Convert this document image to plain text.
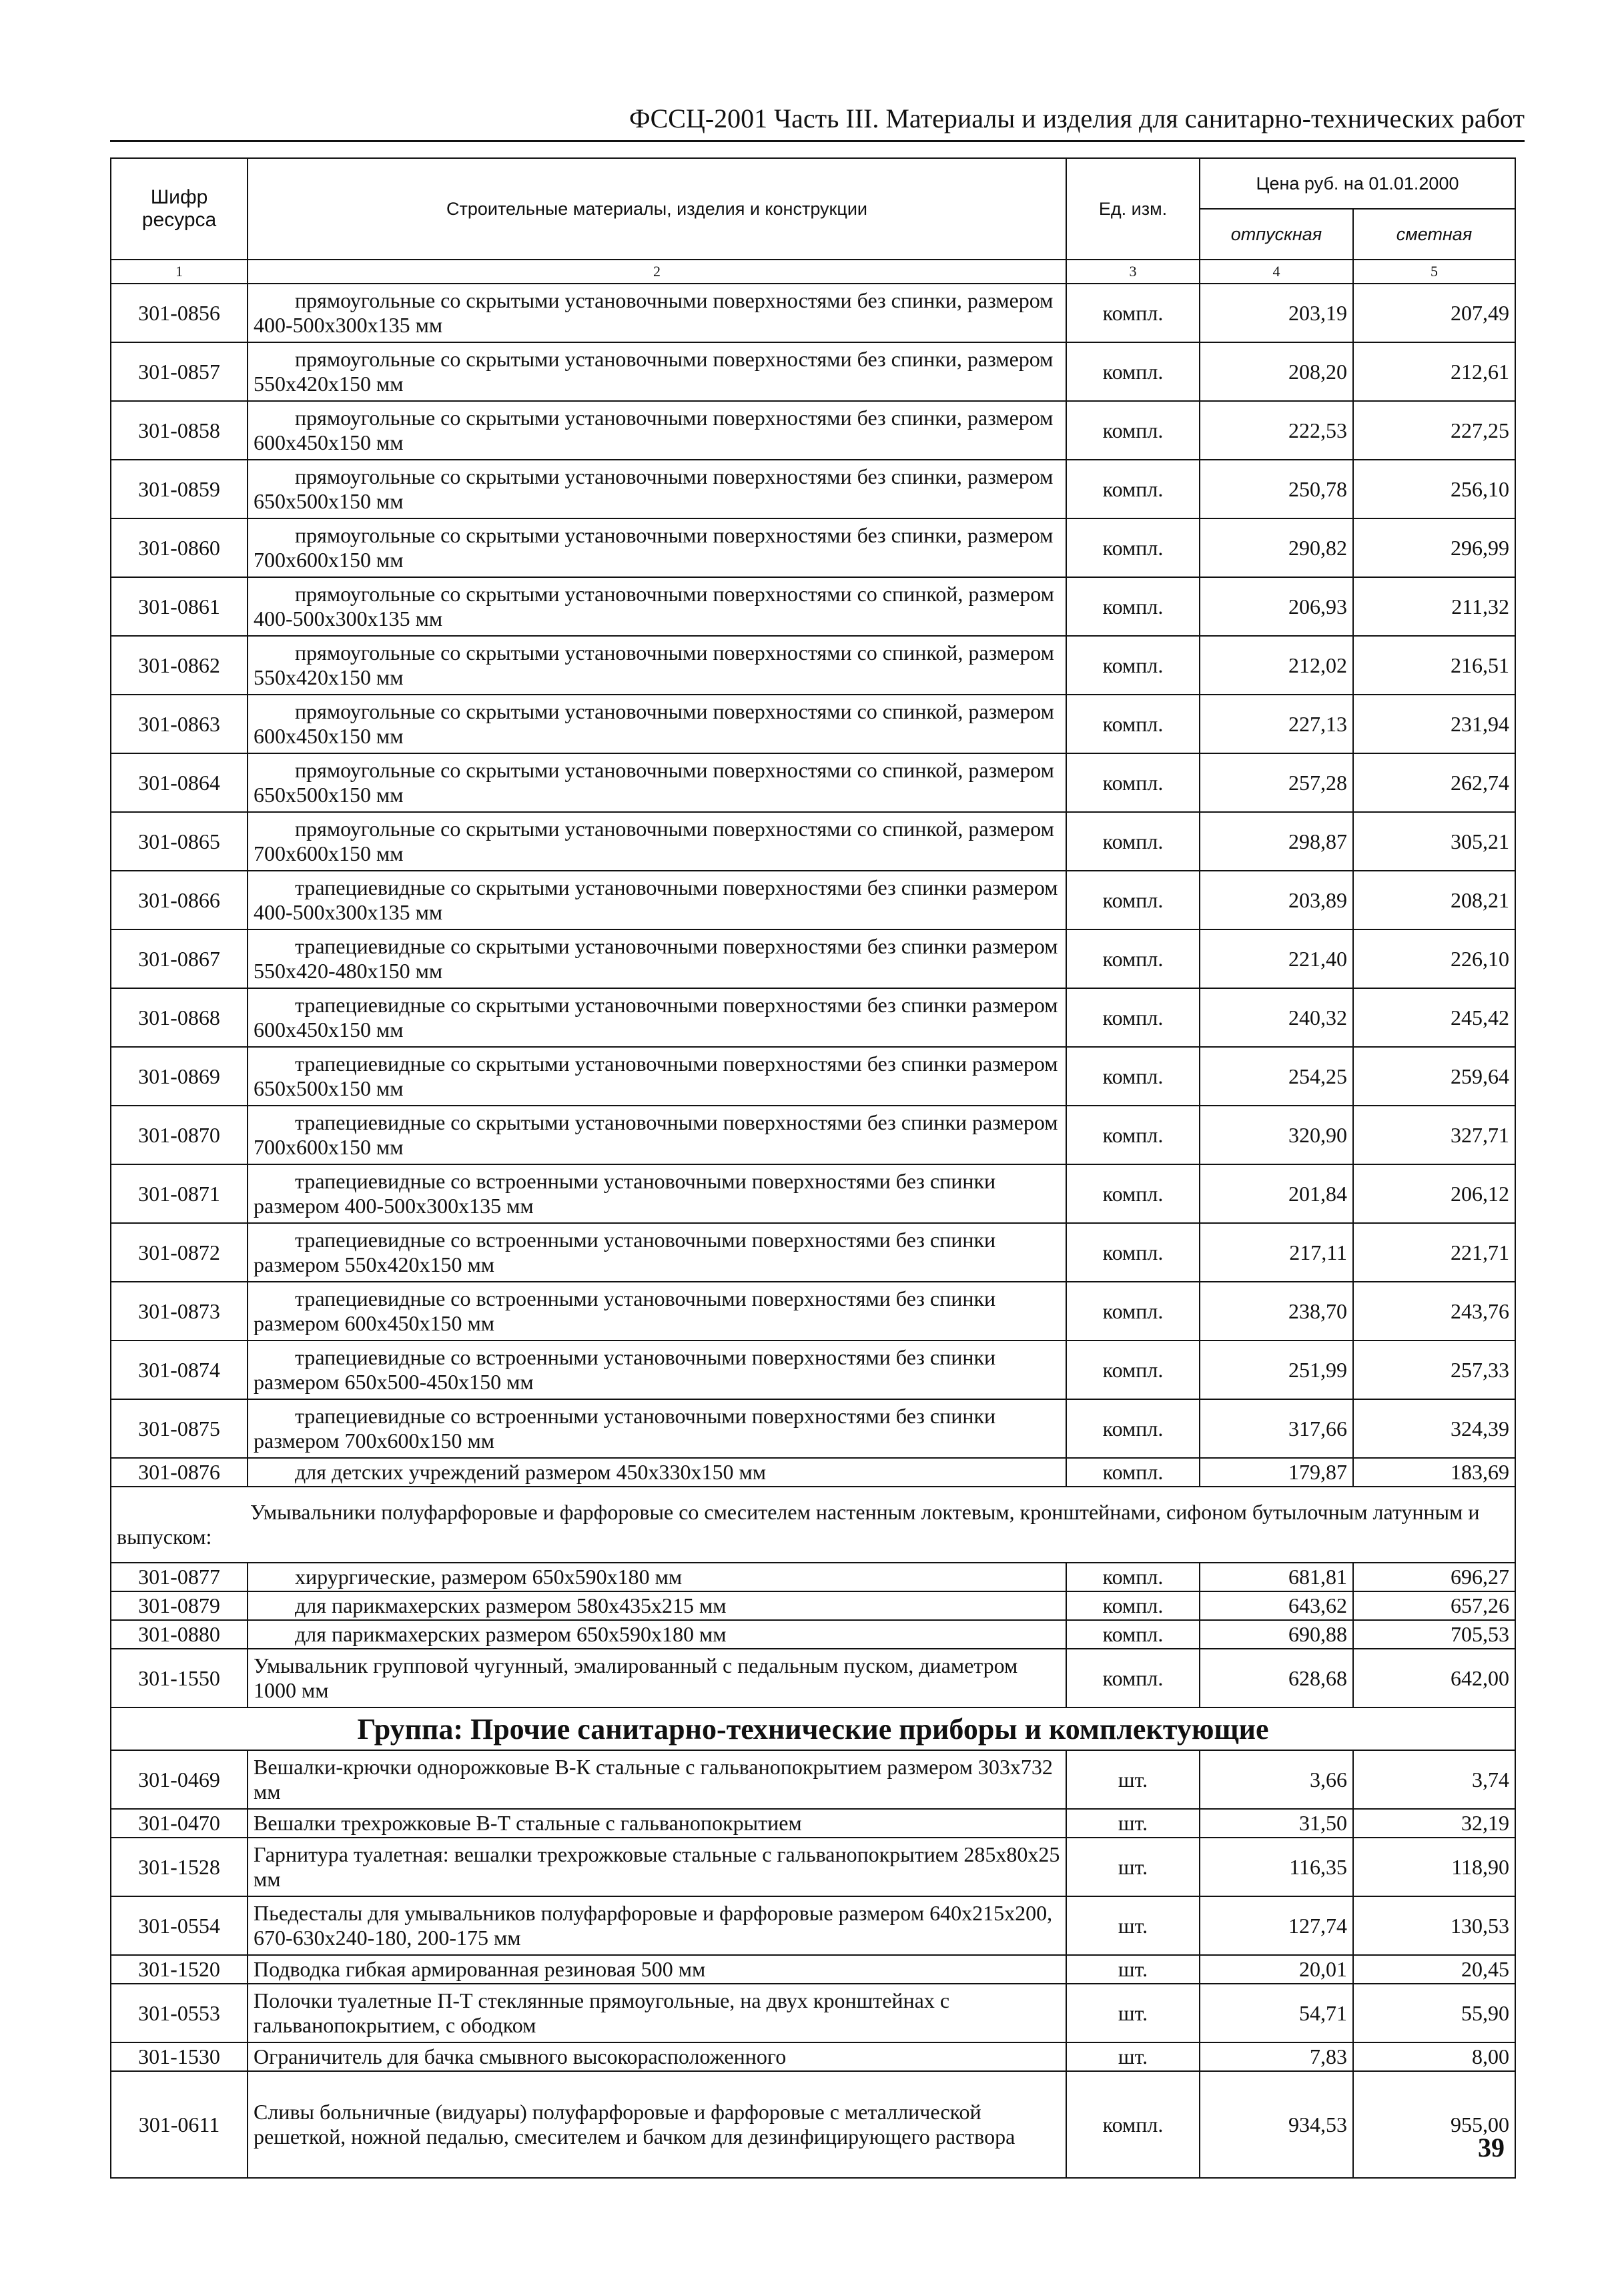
ФССЦ-2001 Часть III. Материалы и изделия для санитарно-технических работ
Шифр ресурса	Строительные материалы, изделия и конструкции	Ед. изм.	Цена руб. на 01.01.2000	
			отпускная	сметная
1	2	3	4	5
301-0856	прямоугольные со скрытыми установочными поверхностями без спинки, размером 400-500х300х135 мм	компл.	203,19	207,49
301-0857	прямоугольные со скрытыми установочными поверхностями без спинки, размером 550х420х150 мм	компл.	208,20	212,61
301-0858	прямоугольные со скрытыми установочными поверхностями без спинки, размером 600х450х150 мм	компл.	222,53	227,25
301-0859	прямоугольные со скрытыми установочными поверхностями без спинки, размером 650х500х150 мм	компл.	250,78	256,10
301-0860	прямоугольные со скрытыми установочными поверхностями без спинки, размером 700х600х150 мм	компл.	290,82	296,99
301-0861	прямоугольные со скрытыми установочными поверхностями со спинкой, размером 400-500х300х135 мм	компл.	206,93	211,32
301-0862	прямоугольные со скрытыми установочными поверхностями со спинкой, размером 550х420х150 мм	компл.	212,02	216,51
301-0863	прямоугольные со скрытыми установочными поверхностями со спинкой, размером 600х450х150 мм	компл.	227,13	231,94
301-0864	прямоугольные со скрытыми установочными поверхностями со спинкой, размером 650х500х150 мм	компл.	257,28	262,74
301-0865	прямоугольные со скрытыми установочными поверхностями со спинкой, размером 700х600х150 мм	компл.	298,87	305,21
301-0866	трапециевидные со скрытыми установочными поверхностями без спинки размером 400-500х300х135 мм	компл.	203,89	208,21
301-0867	трапециевидные со скрытыми установочными поверхностями без спинки размером 550х420-480х150 мм	компл.	221,40	226,10
301-0868	трапециевидные со скрытыми установочными поверхностями без спинки размером 600х450х150 мм	компл.	240,32	245,42
301-0869	трапециевидные со скрытыми установочными поверхностями без спинки размером 650х500х150 мм	компл.	254,25	259,64
301-0870	трапециевидные со скрытыми установочными поверхностями без спинки размером 700х600х150 мм	компл.	320,90	327,71
301-0871	трапециевидные со встроенными установочными поверхностями без спинки размером 400-500х300х135 мм	компл.	201,84	206,12
301-0872	трапециевидные со встроенными установочными поверхностями без спинки размером 550х420х150 мм	компл.	217,11	221,71
301-0873	трапециевидные со встроенными установочными поверхностями без спинки размером 600х450х150 мм	компл.	238,70	243,76
301-0874	трапециевидные со встроенными установочными поверхностями без спинки размером 650х500-450х150 мм	компл.	251,99	257,33
301-0875	трапециевидные со встроенными установочными поверхностями без спинки размером 700х600х150 мм	компл.	317,66	324,39
301-0876	для детских учреждений размером 450х330х150 мм	компл.	179,87	183,69
Умывальники полуфарфоровые и фарфоровые со смесителем настенным локтевым, кронштейнами, сифоном бутылочным латунным и выпуском:				
301-0877	хирургические, размером 650х590х180 мм	компл.	681,81	696,27
301-0879	для парикмахерских размером 580х435х215 мм	компл.	643,62	657,26
301-0880	для парикмахерских размером 650х590х180 мм	компл.	690,88	705,53
301-1550	Умывальник групповой чугунный, эмалированный с педальным пуском, диаметром 1000 мм	компл.	628,68	642,00
Группа: Прочие санитарно-технические приборы и комплектующие				
301-0469	Вешалки-крючки однорожковые В-К стальные с гальванопокрытием размером 303х732 мм	шт.	3,66	3,74
301-0470	Вешалки трехрожковые В-Т стальные с гальванопокрытием	шт.	31,50	32,19
301-1528	Гарнитура туалетная: вешалки трехрожковые стальные с гальванопокрытием 285х80х25 мм	шт.	116,35	118,90
301-0554	Пьедесталы для умывальников полуфарфоровые и фарфоровые размером 640х215х200, 670-630х240-180, 200-175 мм	шт.	127,74	130,53
301-1520	Подводка гибкая армированная резиновая 500 мм	шт.	20,01	20,45
301-0553	Полочки туалетные П-Т стеклянные прямоугольные, на двух кронштейнах с гальванопокрытием, с ободком	шт.	54,71	55,90
301-1530	Ограничитель для бачка смывного высокорасположенного	шт.	7,83	8,00
301-0611	Сливы больничные (видуары) полуфарфоровые и фарфоровые с металлической решеткой, ножной педалью, смесителем и бачком для дезинфицирующего раствора	компл.	934,53	955,00
39
